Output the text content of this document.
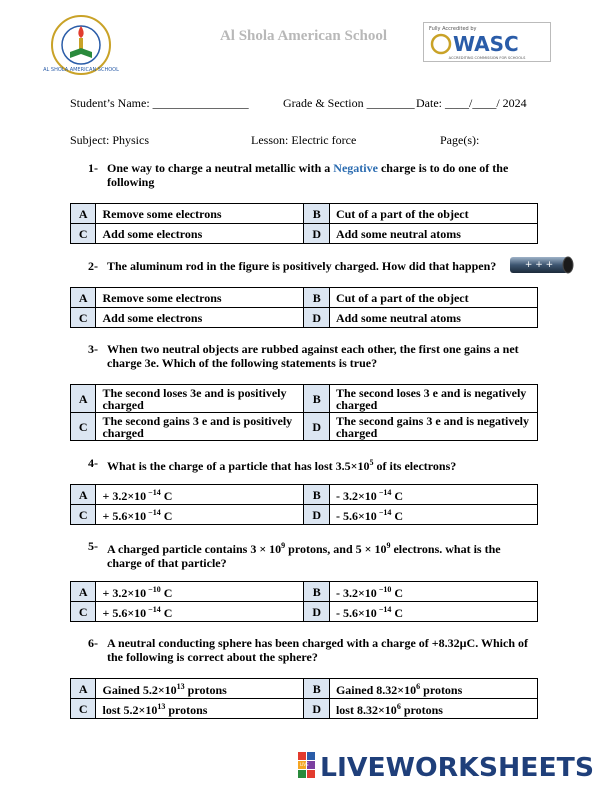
AL SHOLA AMERICAN SCHOOL
Al Shola American School	Fully Accredited by
WASC
ACCREDITING COMMISSION FOR SCHOOLS
Student’s Name: ________________	Grade & Section ________ Date: ____/____/ 2024
Subject: Physics	Lesson: Electric force	Page(s):
1- One way to charge a neutral metallic with a Negative charge is to do one of the following
A	Remove some electrons	B	Cut of a part of the object
C	Add some electrons	D	Add some neutral atoms
2- The aluminum rod in the figure is positively charged. How did that happen?	+ + +
A	Remove some electrons	B	Cut of a part of the object
C	Add some electrons	D	Add some neutral atoms
3- When two neutral objects are rubbed against each other, the first one gains a net charge 3e. Which of the following statements is true?
A	The second loses 3e and is positively charged	B	The second loses 3 e and is negatively charged
C	The second gains 3 e and is positively charged	D	The second gains 3 e and is negatively charged
4- What is the charge of a particle that has lost $3.5\times 10^5$ of its electrons?
A	+ 3.2×10 $^{-14}$ C	B	- 3.2×10 $^{-14}$ C
C	+ 5.6×10 $^{-14}$ C	D	- 5.6×10 $^{-14}$ C
5- A charged particle contains $3 \times 10^9$ protons, and $5 \times 10^9$ electrons. what is the charge of that particle?
A	+ 3.2×10 $^{-10}$ C	B	- 3.2×10 $^{-10}$ C
C	+ 5.6×10 $^{-14}$ C	D	- 5.6×10 $^{-14}$ C
6- A neutral conducting sphere has been charged with a charge of +8.32µC. Which of the following is correct about the sphere?
A	Gained $5.2\times 10^{13}$ protons	B	Gained $8.32\times 10^6$ protons
C	lost $5.2\times 10^{13}$ protons	D	lost $8.32\times 10^6$ protons
LIVE LIVEWORKSHEETS
